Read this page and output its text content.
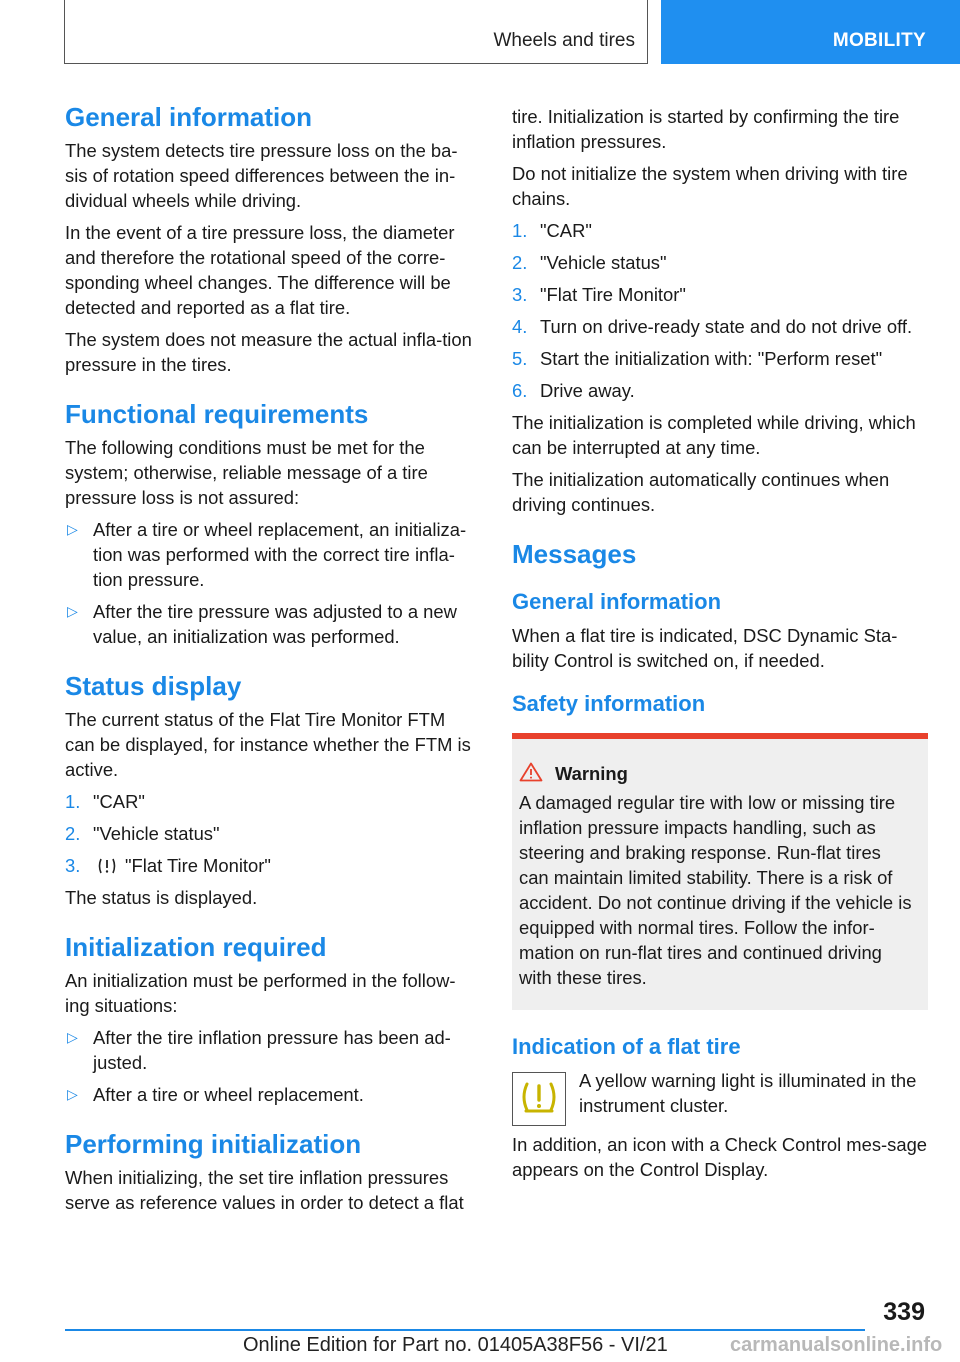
Wheels and tires	MOBILITY
General information

The system detects tire pressure loss on the ba-sis of rotation speed differences between the in-dividual wheels while driving.

In the event of a tire pressure loss, the diameter and therefore the rotational speed of the corre-sponding wheel changes. The difference will be detected and reported as a flat tire.

The system does not measure the actual infla-tion pressure in the tires.

Functional requirements

The following conditions must be met for the system; otherwise, reliable message of a tire pressure loss is not assured:

▷ After a tire or wheel replacement, an initializa-tion was performed with the correct tire infla-tion pressure.
▷ After the tire pressure was adjusted to a new value, an initialization was performed.
Status display

The current status of the Flat Tire Monitor FTM can be displayed, for instance whether the FTM is active.

1. "CAR"
2. "Vehicle status"
3. "Flat Tire Monitor"

The status is displayed.

Initialization required

An initialization must be performed in the follow-ing situations:

▷ After the tire inflation pressure has been ad-justed.
▷ After a tire or wheel replacement.
Performing initialization

When initializing, the set tire inflation pressures serve as reference values in order to detect a flat

tire. Initialization is started by confirming the tire inflation pressures.

Do not initialize the system when driving with tire chains.

1. "CAR"
2. "Vehicle status"
3. "Flat Tire Monitor"
4. Turn on drive-ready state and do not drive off.
5. Start the initialization with: "Perform reset"
6. Drive away.

The initialization is completed while driving, which can be interrupted at any time.

The initialization automatically continues when driving continues.

Messages
General information

When a flat tire is indicated, DSC Dynamic Sta-bility Control is switched on, if needed.

Safety information
Warning
A damaged regular tire with low or missing tire inflation pressure impacts handling, such as steering and braking response. Run-flat tires can maintain limited stability. There is a risk of accident. Do not continue driving if the vehicle is equipped with normal tires. Follow the infor-mation on run-flat tires and continued driving with these tires.
Indication of a flat tire
A yellow warning light is illuminated in the instrument cluster.

In addition, an icon with a Check Control mes-sage appears on the Control Display.

339
Online Edition for Part no. 01405A38F56 - VI/21	carmanualsonline.info
